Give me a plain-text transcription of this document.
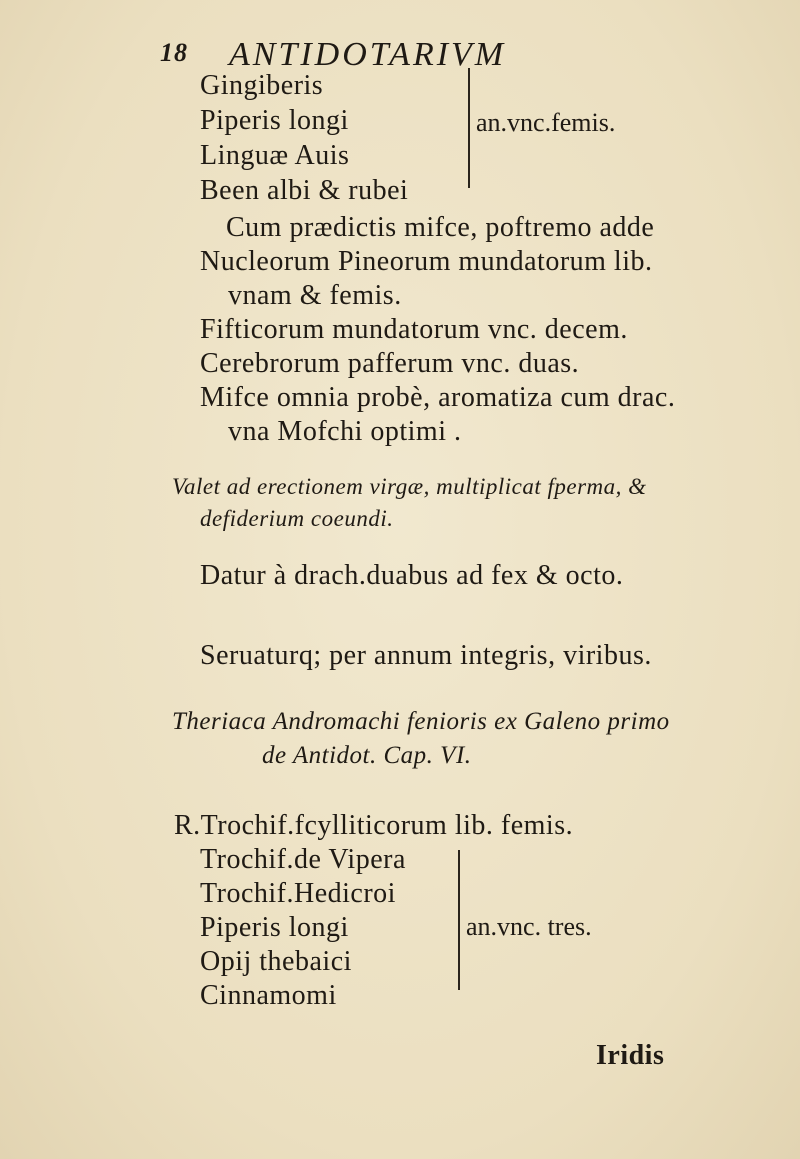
18 ANTIDOTARIVM
Gingiberis
Piperis longi
Linguæ Auis
Been albi & rubei
an.vnc.femis.
Cum prædictis mifce, poftremo adde
Nucleorum Pineorum mundatorum lib.
vnam & femis.
Fifticorum mundatorum vnc. decem.
Cerebrorum pafferum vnc. duas.
Mifce omnia probè, aromatiza cum drac.
vna Mofchi optimi .
Valet ad erectionem virgæ, multiplicat fperma, &
defiderium coeundi.
Datur à drach.duabus ad fex & octo.
Seruaturq; per annum integris, viribus.
Theriaca Andromachi fenioris ex Galeno primo
de Antidot. Cap. VI.
R.Trochif.fcylliticorum lib. femis.
Trochif.de Vipera
Trochif.Hedicroi
Piperis longi
Opij thebaici
Cinnamomi
an.vnc. tres.
Iridis
